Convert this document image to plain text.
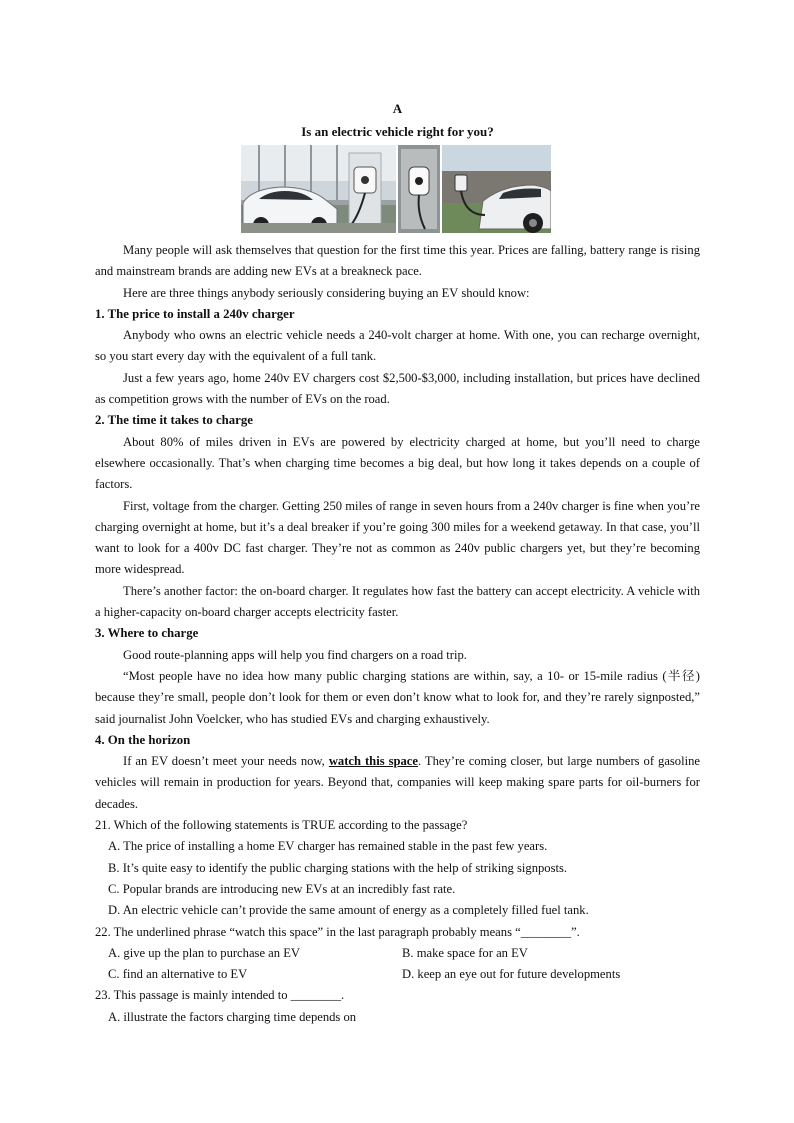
A
Is an electric vehicle right for you?

Many people will ask themselves that question for the first time this year. Prices are falling, battery range is rising and mainstream brands are adding new EVs at a breakneck pace.

Here are three things anybody seriously considering buying an EV should know:

1. The price to install a 240v charger

Anybody who owns an electric vehicle needs a 240-volt charger at home. With one, you can recharge overnight, so you start every day with the equivalent of a full tank.

Just a few years ago, home 240v EV chargers cost $2,500-$3,000, including installation, but prices have declined as competition grows with the number of EVs on the road.

2. The time it takes to charge

About 80% of miles driven in EVs are powered by electricity charged at home, but you’ll need to charge elsewhere occasionally. That’s when charging time becomes a big deal, but how long it takes depends on a couple of factors.

First, voltage from the charger. Getting 250 miles of range in seven hours from a 240v charger is fine when you’re charging overnight at home, but it’s a deal breaker if you’re going 300 miles for a weekend getaway. In that case, you’ll want to look for a 400v DC fast charger. They’re not as common as 240v public chargers yet, but they’re becoming more widespread.

There’s another factor: the on-board charger. It regulates how fast the battery can accept electricity. A vehicle with a higher-capacity on-board charger accepts electricity faster.

3. Where to charge

Good route-planning apps will help you find chargers on a road trip.

“Most people have no idea how many public charging stations are within, say, a 10- or 15-mile radius (半径) because they’re small, people don’t look for them or even don’t know what to look for, and they’re rarely signposted,” said journalist John Voelcker, who has studied EVs and charging exhaustively.

4. On the horizon

If an EV doesn’t meet your needs now, watch this space. They’re coming closer, but large numbers of gasoline vehicles will remain in production for years. Beyond that, companies will keep making spare parts for oil-burners for decades.

21. Which of the following statements is TRUE according to the passage?

A. The price of installing a home EV charger has remained stable in the past few years.

B. It’s quite easy to identify the public charging stations with the help of striking signposts.

C. Popular brands are introducing new EVs at an incredibly fast rate.

D. An electric vehicle can’t provide the same amount of energy as a completely filled fuel tank.

22. The underlined phrase “watch this space” in the last paragraph probably means “________”.

A. give up the plan to purchase an EV	B. make space for an EV
C. find an alternative to EV	D. keep an eye out for future developments

23. This passage is mainly intended to ________.

A. illustrate the factors charging time depends on
